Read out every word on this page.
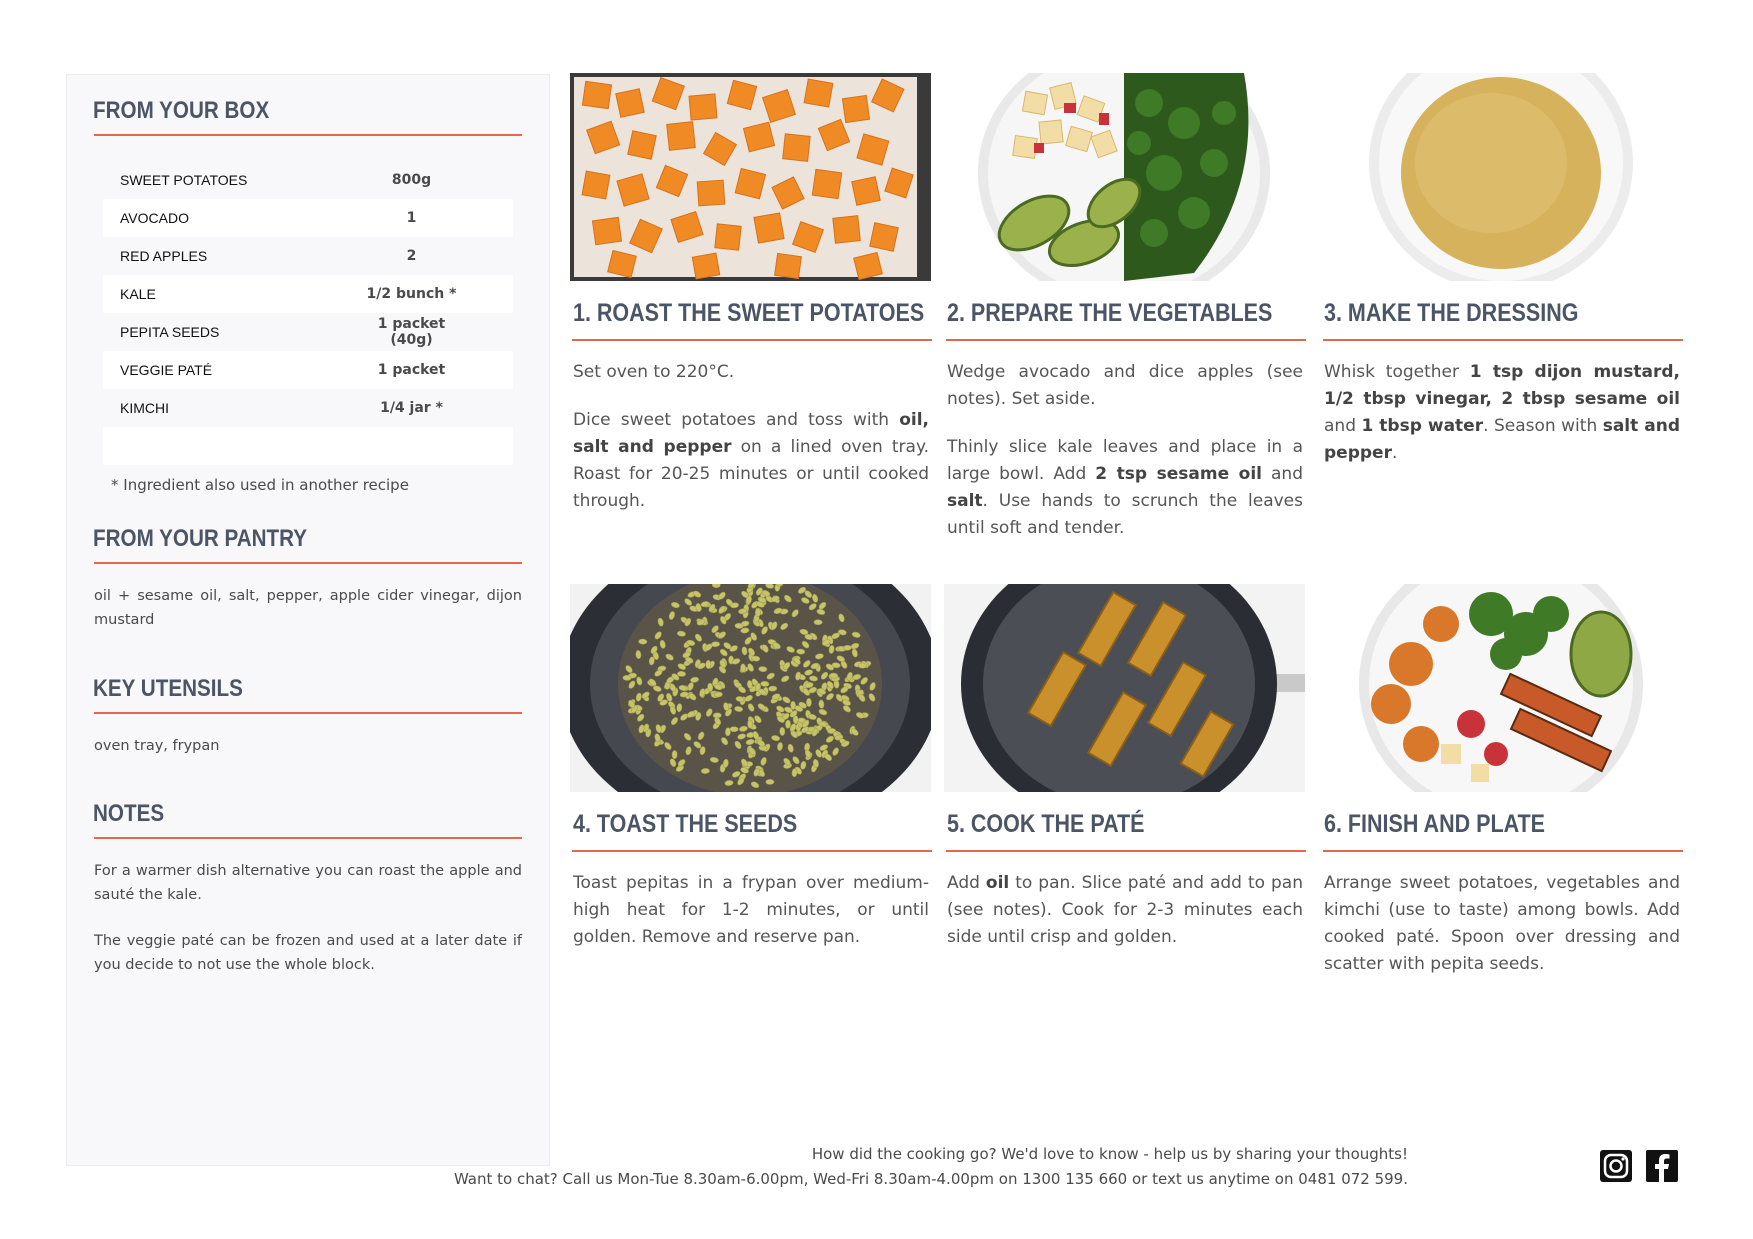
FROM YOUR BOX
SWEET POTATOES	800g
AVOCADO	1
RED APPLES	2
KALE	1/2 bunch *
PEPITA SEEDS	1 packet (40g)
VEGGIE PATÉ	1 packet
KIMCHI	1/4 jar *
* Ingredient also used in another recipe
FROM YOUR PANTRY
oil + sesame oil, salt, pepper, apple cider vinegar, dijon mustard
KEY UTENSILS
oven tray, frypan
NOTES
For a warmer dish alternative you can roast the apple and sauté the kale.
The veggie paté can be frozen and used at a later date if you decide to not use the whole block.
1. ROAST THE SWEET POTATOES

Set oven to 220°C.

Dice sweet potatoes and toss with oil, salt and pepper on a lined oven tray. Roast for 20-25 minutes or until cooked through.

2. PREPARE THE VEGETABLES

Wedge avocado and dice apples (see notes). Set aside.

Thinly slice kale leaves and place in a large bowl. Add 2 tsp sesame oil and salt. Use hands to scrunch the leaves until soft and tender.

3. MAKE THE DRESSING

Whisk together 1 tsp dijon mustard, 1/2 tbsp vinegar, 2 tbsp sesame oil and 1 tbsp water. Season with salt and pepper.

4. TOAST THE SEEDS

Toast pepitas in a frypan over medium-high heat for 1-2 minutes, or until golden. Remove and reserve pan.

5. COOK THE PATÉ

Add oil to pan. Slice paté and add to pan (see notes). Cook for 2-3 minutes each side until crisp and golden.

6. FINISH AND PLATE

Arrange sweet potatoes, vegetables and kimchi (use to taste) among bowls. Add cooked paté. Spoon over dressing and scatter with pepita seeds.

How did the cooking go? We'd love to know - help us by sharing your thoughts!
Want to chat? Call us Mon-Tue 8.30am-6.00pm, Wed-Fri 8.30am-4.00pm on 1300 135 660 or text us anytime on 0481 072 599.
